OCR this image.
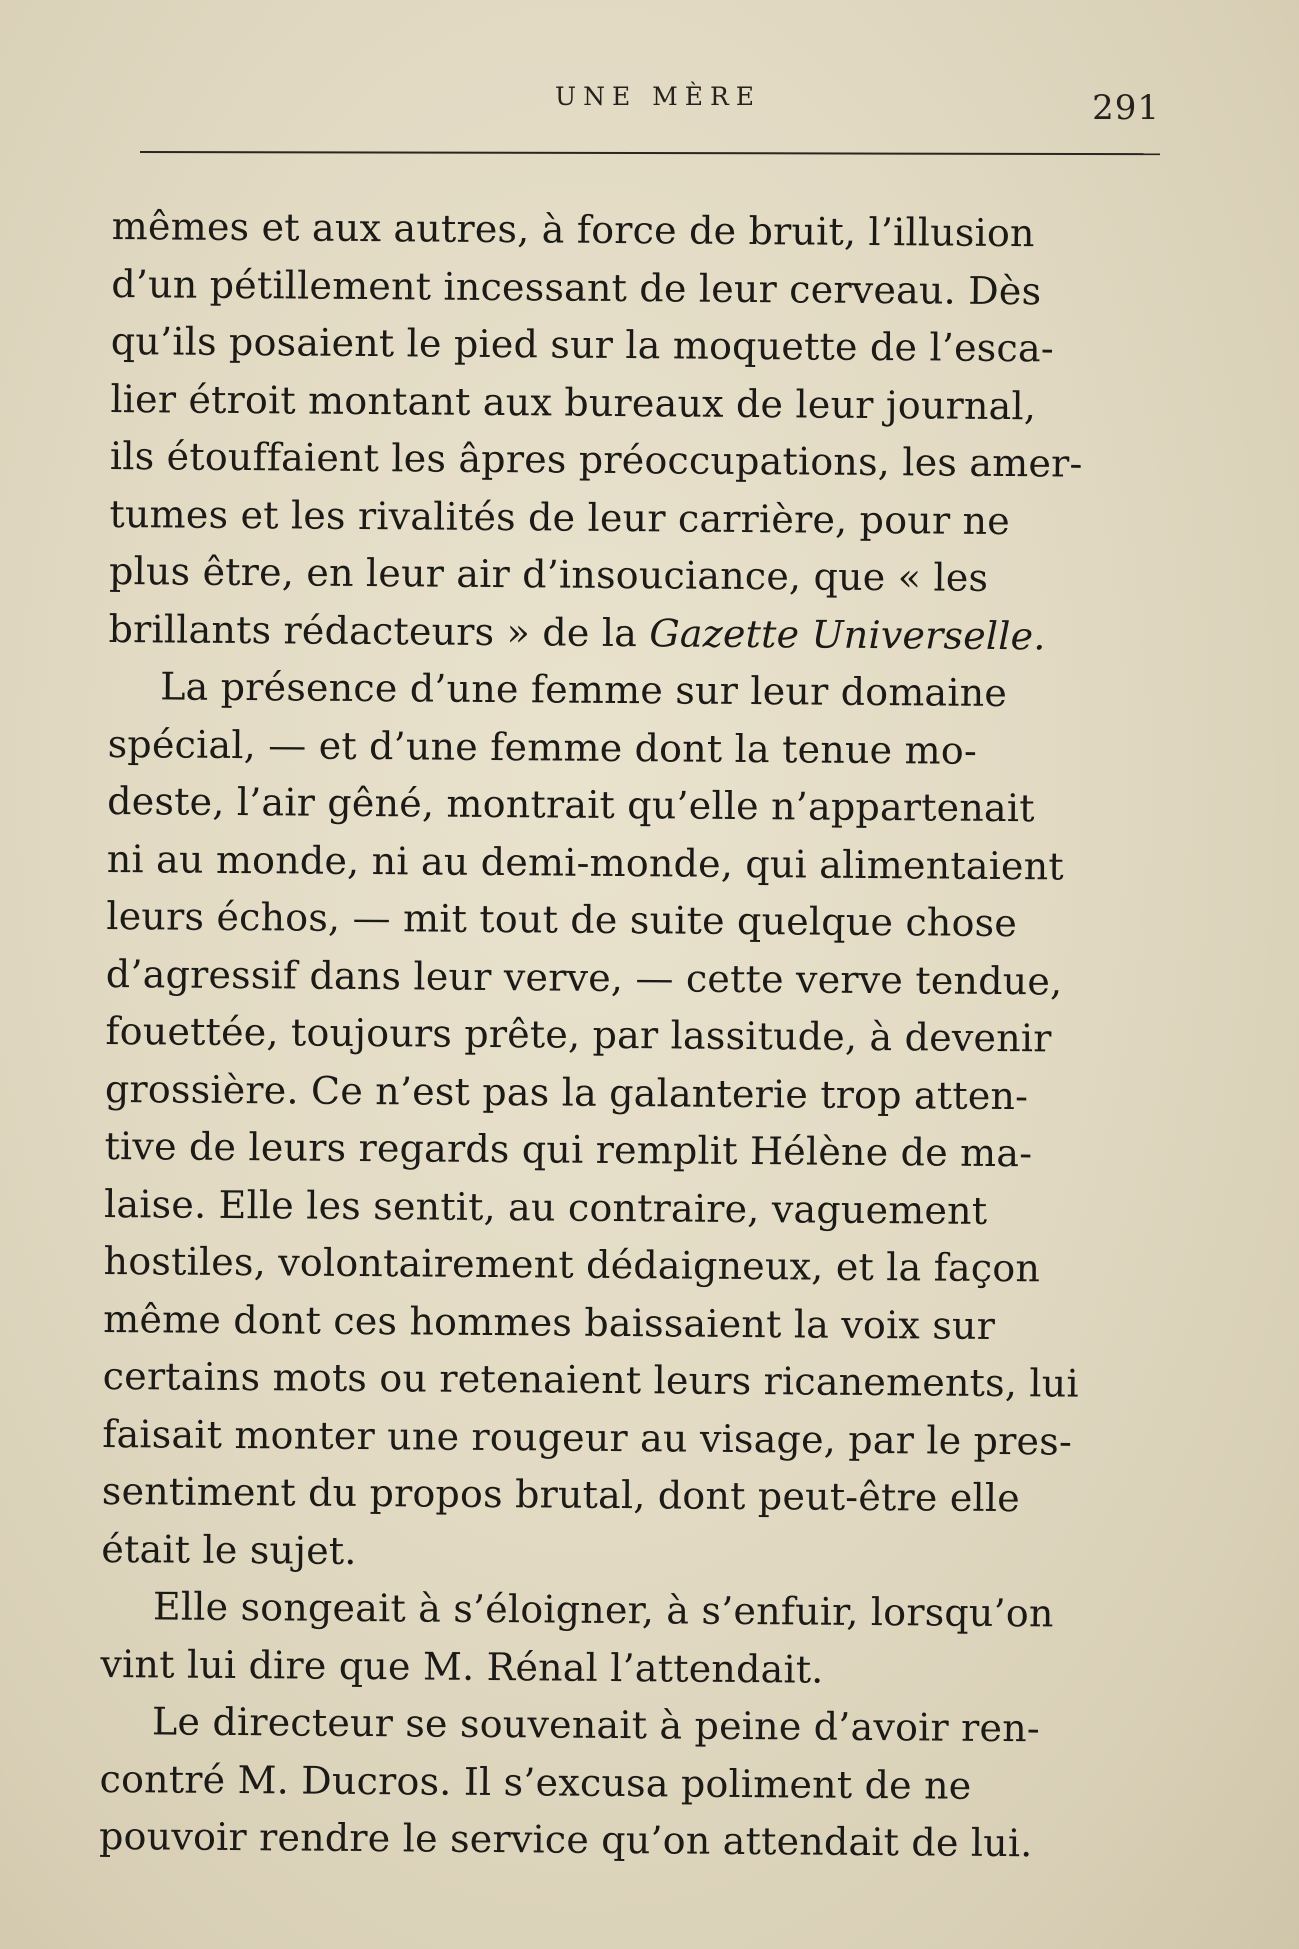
UNE MÈRE	291

mêmes et aux autres, à force de bruit, l’illusion
d’un pétillement incessant de leur cerveau. Dès
qu’ils posaient le pied sur la moquette de l’esca-
lier étroit montant aux bureaux de leur journal,
ils étouffaient les âpres préoccupations, les amer-
tumes et les rivalités de leur carrière, pour ne
plus être, en leur air d’insouciance, que « les
brillants rédacteurs » de la Gazette Universelle.

La présence d’une femme sur leur domaine
spécial, — et d’une femme dont la tenue mo-
deste, l’air gêné, montrait qu’elle n’appartenait
ni au monde, ni au demi-monde, qui alimentaient
leurs échos, — mit tout de suite quelque chose
d’agressif dans leur verve, — cette verve tendue,
fouettée, toujours prête, par lassitude, à devenir
grossière. Ce n’est pas la galanterie trop atten-
tive de leurs regards qui remplit Hélène de ma-
laise. Elle les sentit, au contraire, vaguement
hostiles, volontairement dédaigneux, et la façon
même dont ces hommes baissaient la voix sur
certains mots ou retenaient leurs ricanements, lui
faisait monter une rougeur au visage, par le pres-
sentiment du propos brutal, dont peut-être elle
était le sujet.

Elle songeait à s’éloigner, à s’enfuir, lorsqu’on
vint lui dire que M. Rénal l’attendait.

Le directeur se souvenait à peine d’avoir ren-
contré M. Ducros. Il s’excusa poliment de ne
pouvoir rendre le service qu’on attendait de lui.
